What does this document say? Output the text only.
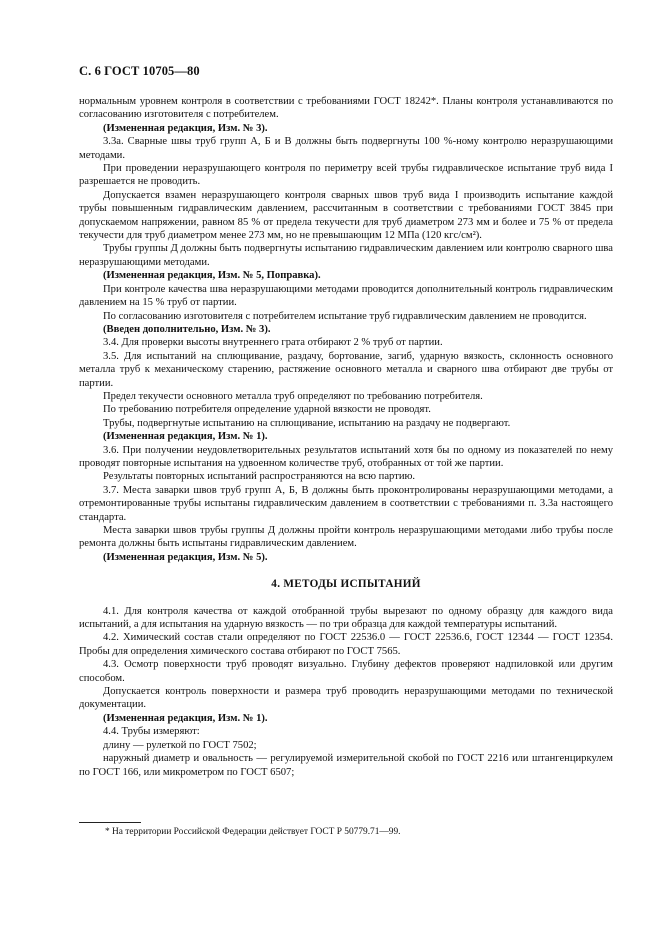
С. 6 ГОСТ 10705—80

нормальным уровнем контроля в соответствии с требованиями ГОСТ 18242*. Планы контроля устанавливаются по согласованию изготовителя с потребителем.

(Измененная редакция, Изм. № 3).

3.3а. Сварные швы труб групп А, Б и В должны быть подвергнуты 100 %-ному контролю неразрушающими методами.

При проведении неразрушающего контроля по периметру всей трубы гидравлическое испытание труб вида I разрешается не проводить.

Допускается взамен неразрушающего контроля сварных швов труб вида I производить испытание каждой трубы повышенным гидравлическим давлением, рассчитанным в соответствии с требованиями ГОСТ 3845 при допускаемом напряжении, равном 85 % от предела текучести для труб диаметром 273 мм и более и 75 % от предела текучести для труб диаметром менее 273 мм, но не превышающим 12 МПа (120 кгс/см²).

Трубы группы Д должны быть подвергнуты испытанию гидравлическим давлением или контролю сварного шва неразрушающими методами.

(Измененная редакция, Изм. № 5, Поправка).

При контроле качества шва неразрушающими методами проводится дополнительный контроль гидравлическим давлением на 15 % труб от партии.

По согласованию изготовителя с потребителем испытание труб гидравлическим давлением не проводится.

(Введен дополнительно, Изм. № 3).

3.4. Для проверки высоты внутреннего грата отбирают 2 % труб от партии.

3.5. Для испытаний на сплющивание, раздачу, бортование, загиб, ударную вязкость, склонность основного металла труб к механическому старению, растяжение основного металла и сварного шва отбирают две трубы от партии.

Предел текучести основного металла труб определяют по требованию потребителя.

По требованию потребителя определение ударной вязкости не проводят.

Трубы, подвергнутые испытанию на сплющивание, испытанию на раздачу не подвергают.

(Измененная редакция, Изм. № 1).

3.6. При получении неудовлетворительных результатов испытаний хотя бы по одному из показателей по нему проводят повторные испытания на удвоенном количестве труб, отобранных от той же партии.

Результаты повторных испытаний распространяются на всю партию.

3.7. Места заварки швов труб групп А, Б, В должны быть проконтролированы неразрушающими методами, а отремонтированные трубы испытаны гидравлическим давлением в соответствии с требованиями п. 3.3а настоящего стандарта.

Места заварки швов трубы группы Д должны пройти контроль неразрушающими методами либо трубы после ремонта должны быть испытаны гидравлическим давлением.

(Измененная редакция, Изм. № 5).

4. МЕТОДЫ ИСПЫТАНИЙ

4.1. Для контроля качества от каждой отобранной трубы вырезают по одному образцу для каждого вида испытаний, а для испытания на ударную вязкость — по три образца для каждой температуры испытаний.

4.2. Химический состав стали определяют по ГОСТ 22536.0 — ГОСТ 22536.6, ГОСТ 12344 — ГОСТ 12354. Пробы для определения химического состава отбирают по ГОСТ 7565.

4.3. Осмотр поверхности труб проводят визуально. Глубину дефектов проверяют надпиловкой или другим способом.

Допускается контроль поверхности и размера труб проводить неразрушающими методами по технической документации.

(Измененная редакция, Изм. № 1).

4.4. Трубы измеряют:

длину — рулеткой по ГОСТ 7502;

наружный диаметр и овальность — регулируемой измерительной скобой по ГОСТ 2216 или штангенциркулем по ГОСТ 166, или микрометром по ГОСТ 6507;

* На территории Российской Федерации действует ГОСТ Р 50779.71—99.
